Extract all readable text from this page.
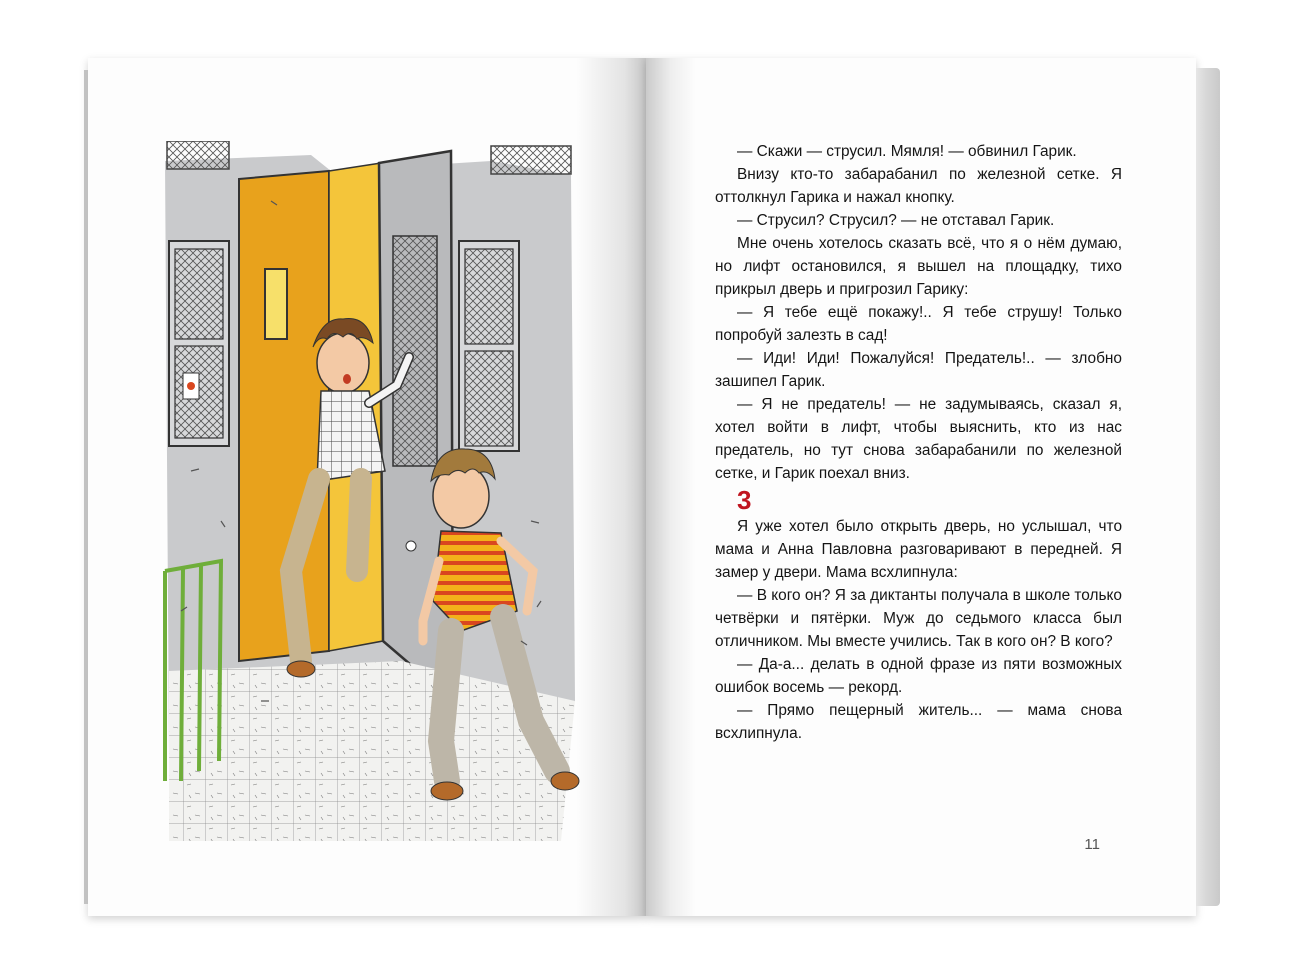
— Скажи — струсил. Мямля! — обвинил Гарик.

Внизу кто-то забарабанил по железной сетке. Я оттолкнул Гарика и нажал кнопку.

— Струсил? Струсил? — не отставал Гарик.

Мне очень хотелось сказать всё, что я о нём думаю, но лифт остановился, я вышел на площадку, тихо прикрыл дверь и пригрозил Гарику:

— Я тебе ещё покажу!.. Я тебе струшу! Только попробуй залезть в сад!

— Иди! Иди! Пожалуйся! Предатель!.. — злобно зашипел Гарик.

— Я не предатель! — не задумываясь, сказал я, хотел войти в лифт, чтобы выяснить, кто из нас предатель, но тут снова забарабанили по железной сетке, и Гарик поехал вниз.

3

Я уже хотел было открыть дверь, но услышал, что мама и Анна Павловна разговаривают в передней. Я замер у двери. Мама всхлипнула:

— В кого он? Я за диктанты получала в школе только четвёрки и пятёрки. Муж до седьмого класса был отличником. Мы вместе учились. Так в кого он? В кого?

— Да-а... делать в одной фразе из пяти возможных ошибок восемь — рекорд.

— Прямо пещерный житель... — мама снова всхлипнула.

11
